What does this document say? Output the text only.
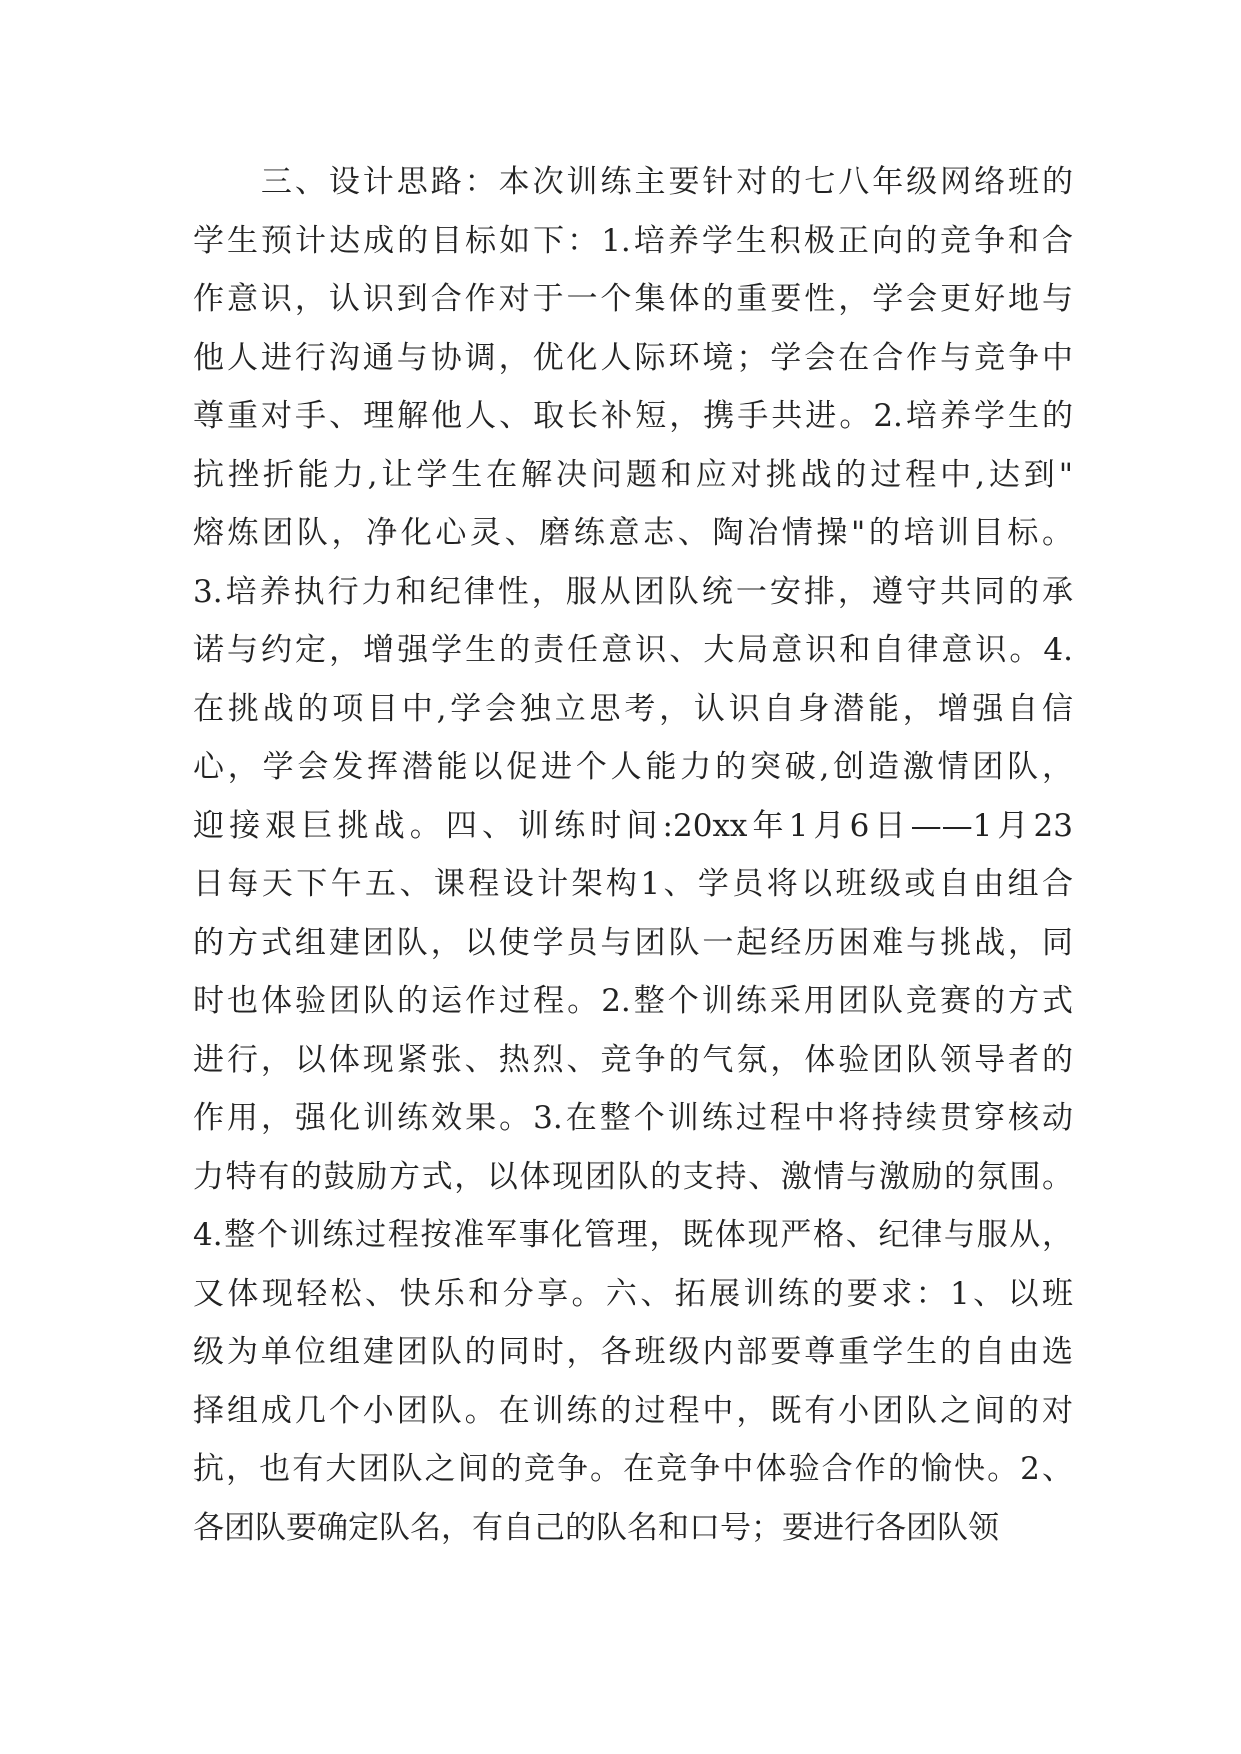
　　三、设计思路：本次训练主要针对的七八年级网络班的
学生预计达成的目标如下：1.培养学生积极正向的竞争和合
作意识，认识到合作对于一个集体的重要性，学会更好地与
他人进行沟通与协调，优化人际环境；学会在合作与竞争中
尊重对手、理解他人、取长补短，携手共进。2.培养学生的
抗挫折能力,让学生在解决问题和应对挑战的过程中,达到"
熔炼团队，净化心灵、磨练意志、陶冶情操"的培训目标。
3.培养执行力和纪律性，服从团队统一安排，遵守共同的承
诺与约定，增强学生的责任意识、大局意识和自律意识。4.
在挑战的项目中,学会独立思考，认识自身潜能，增强自信
心，学会发挥潜能以促进个人能力的突破,创造激情团队，
迎接艰巨挑战。四、训练时间:20xx年1月6日——1月23
日每天下午五、课程设计架构1、学员将以班级或自由组合
的方式组建团队，以使学员与团队一起经历困难与挑战，同
时也体验团队的运作过程。2.整个训练采用团队竞赛的方式
进行，以体现紧张、热烈、竞争的气氛，体验团队领导者的
作用，强化训练效果。3.在整个训练过程中将持续贯穿核动
力特有的鼓励方式，以体现团队的支持、激情与激励的氛围。
4.整个训练过程按准军事化管理，既体现严格、纪律与服从，
又体现轻松、快乐和分享。六、拓展训练的要求：1、以班
级为单位组建团队的同时，各班级内部要尊重学生的自由选
择组成几个小团队。在训练的过程中，既有小团队之间的对
抗，也有大团队之间的竞争。在竞争中体验合作的愉快。2、
各团队要确定队名，有自己的队名和口号；要进行各团队领
